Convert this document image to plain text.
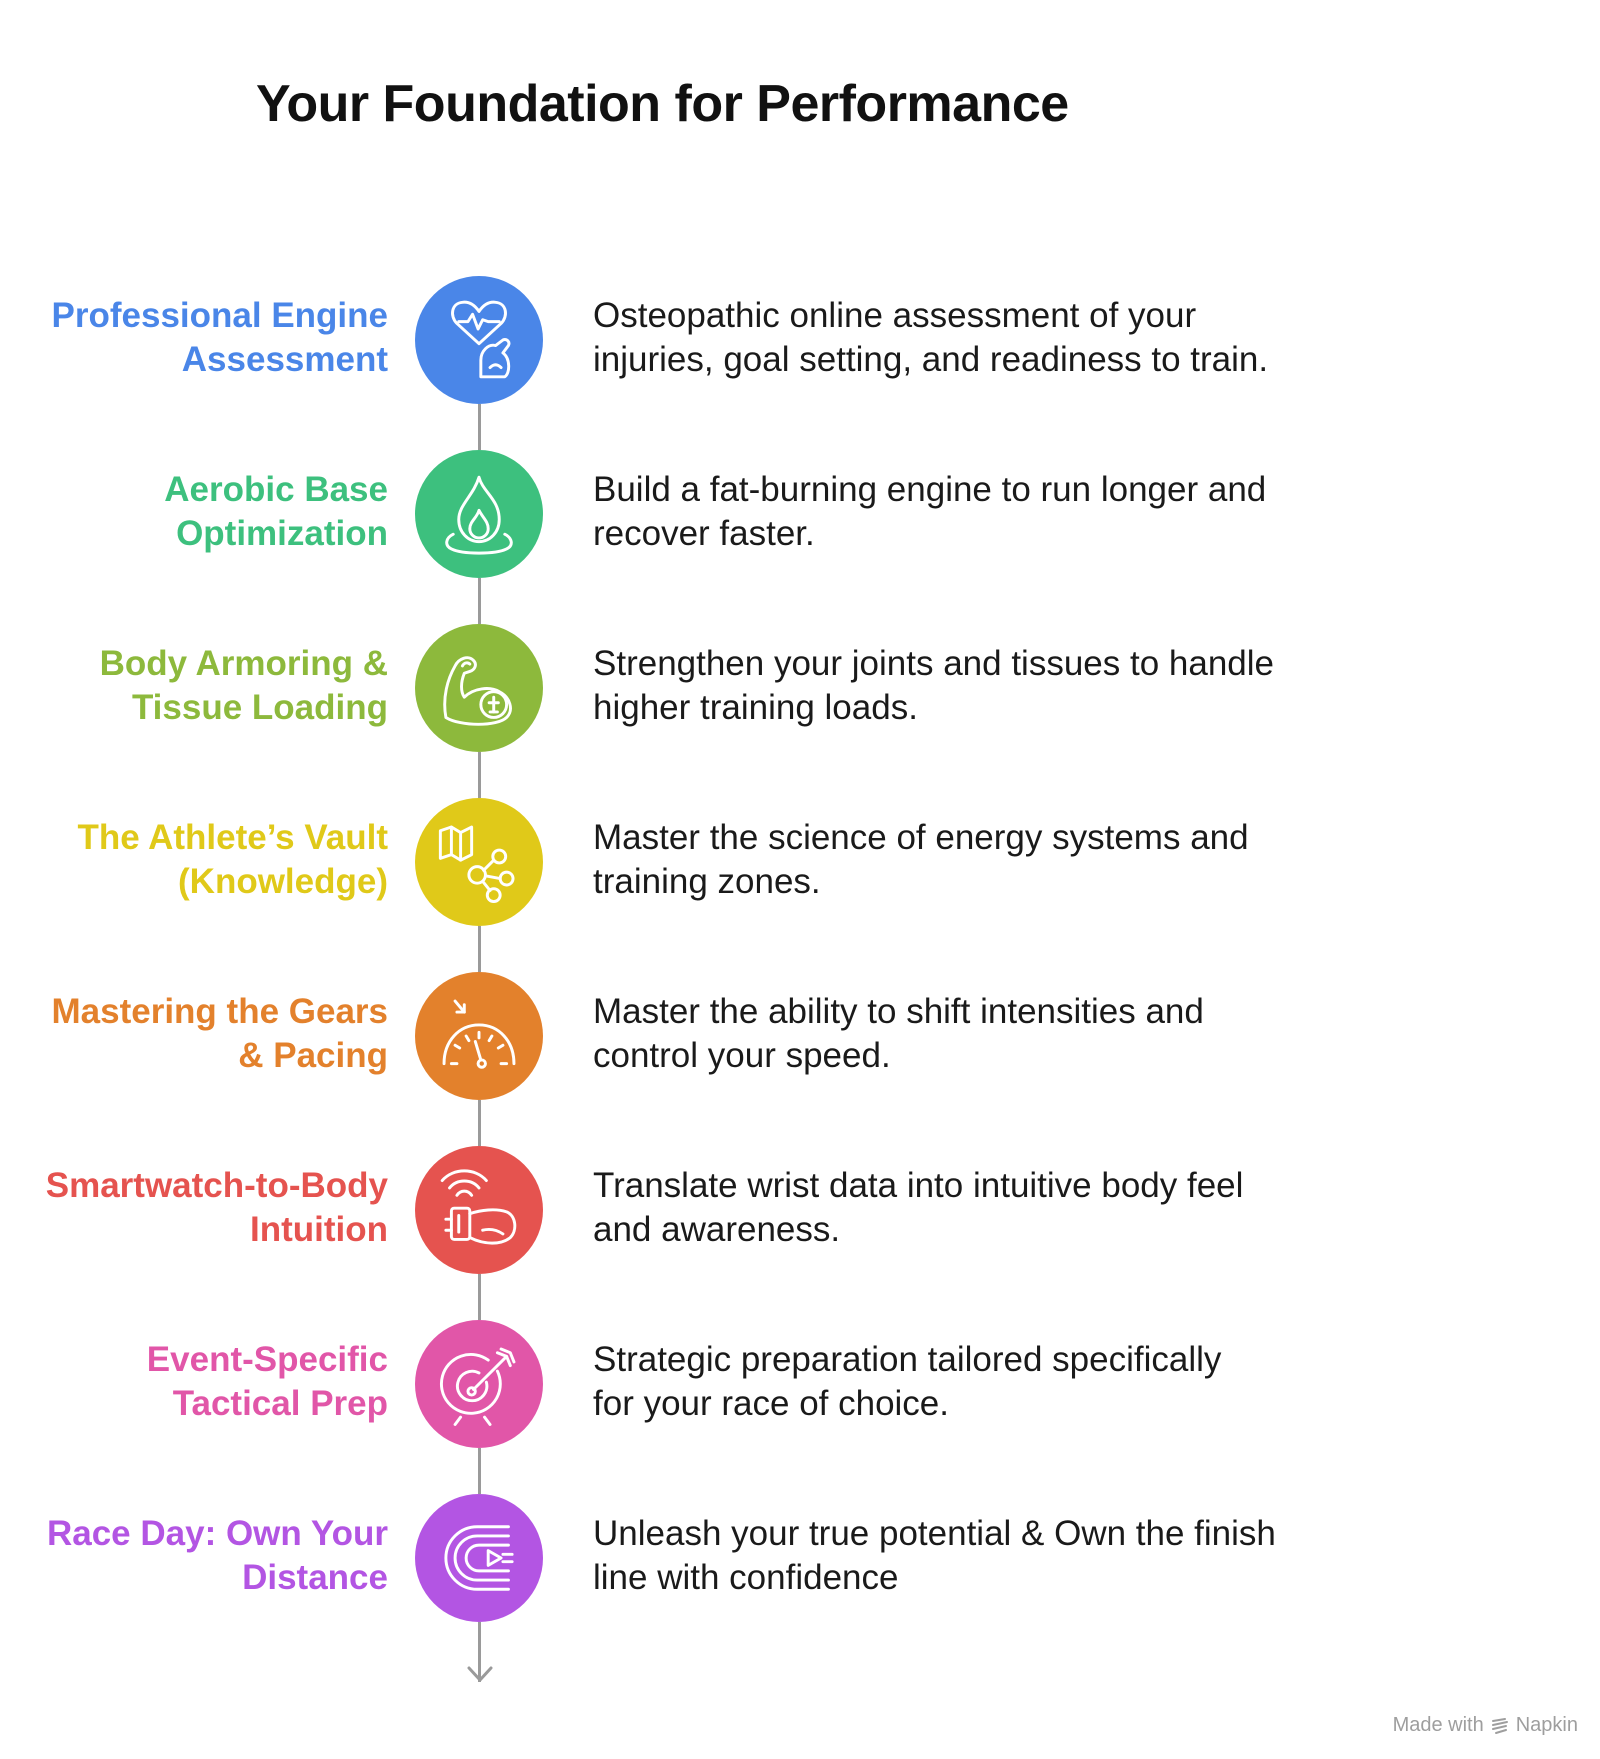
Your Foundation for Performance
Professional Engine
Assessment
Osteopathic online assessment of your
injuries, goal setting, and readiness to train.
Aerobic Base
Optimization
Build a fat-burning engine to run longer and
recover faster.
Body Armoring &
Tissue Loading
Strengthen your joints and tissues to handle
higher training loads.
The Athlete’s Vault
(Knowledge)
Master the science of energy systems and
training zones.
Mastering the Gears
& Pacing
Master the ability to shift intensities and
control your speed.
Smartwatch-to-Body
Intuition
Translate wrist data into intuitive body feel
and awareness.
Event-Specific
Tactical Prep
Strategic preparation tailored specifically
for your race of choice.
Race Day: Own Your
Distance
Unleash your true potential & Own the finish
line with confidence
Made with Napkin
